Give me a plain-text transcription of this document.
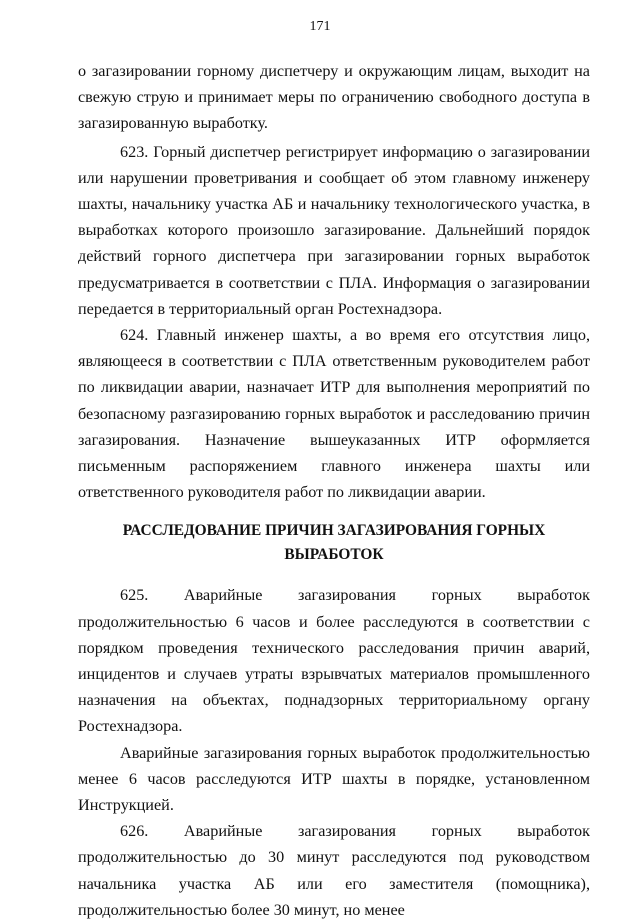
171

о загазировании горному диспетчеру и окружающим лицам, выходит на свежую струю и принимает меры по ограничению свободного доступа в загазированную выработку.

623. Горный диспетчер регистрирует информацию о загазировании или нарушении проветривания и сообщает об этом главному инженеру шахты, начальнику участка АБ и начальнику технологического участка, в выработках которого произошло загазирование. Дальнейший порядок действий горного диспетчера при загазировании горных выработок предусматривается в соответствии с ПЛА. Информация о загазировании передается в территориальный орган Ростехнадзора.

624. Главный инженер шахты, а во время его отсутствия лицо, являющееся в соответствии с ПЛА ответственным руководителем работ по ликвидации аварии, назначает ИТР для выполнения мероприятий по безопасному разгазированию горных выработок и расследованию причин загазирования. Назначение вышеуказанных ИТР оформляется письменным распоряжением главного инженера шахты или ответственного руководителя работ по ликвидации аварии.

РАССЛЕДОВАНИЕ ПРИЧИН ЗАГАЗИРОВАНИЯ ГОРНЫХ ВЫРАБОТОК

625. Аварийные загазирования горных выработок продолжительностью 6 часов и более расследуются в соответствии с порядком проведения технического расследования причин аварий, инцидентов и случаев утраты взрывчатых материалов промышленного назначения на объектах, поднадзорных территориальному органу Ростехнадзора.

Аварийные загазирования горных выработок продолжительностью менее 6 часов расследуются ИТР шахты в порядке, установленном Инструкцией.

626. Аварийные загазирования горных выработок продолжительностью до 30 минут расследуются под руководством начальника участка АБ или его заместителя (помощника), продолжительностью более 30 минут, но менее
